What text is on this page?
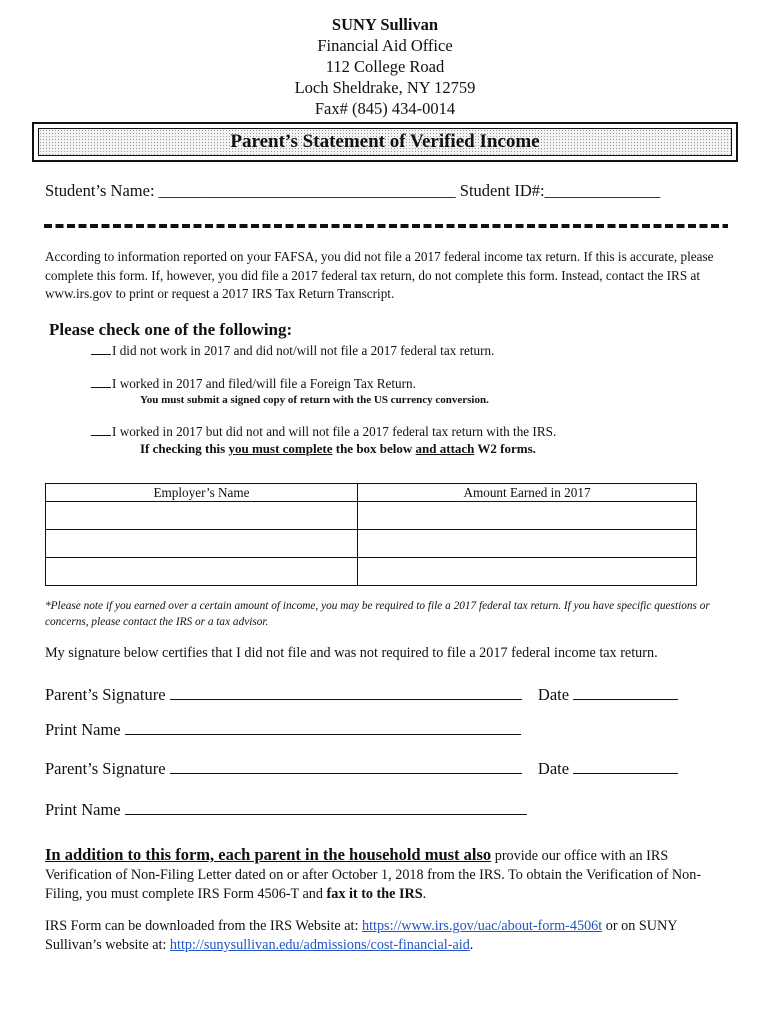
SUNY Sullivan
Financial Aid Office
112 College Road
Loch Sheldrake, NY 12759
Fax# (845) 434-0014
Parent’s Statement of Verified Income
Student’s Name: ____________________________________ Student ID#:______________
According to information reported on your FAFSA, you did not file a 2017 federal income tax return. If this is accurate, please complete this form. If, however, you did file a 2017 federal tax return, do not complete this form. Instead, contact the IRS at www.irs.gov to print or request a 2017 IRS Tax Return Transcript.
Please check one of the following:
I did not work in 2017 and did not/will not file a 2017 federal tax return.
I worked in 2017 and filed/will file a Foreign Tax Return.
You must submit a signed copy of return with the US currency conversion.
I worked in 2017 but did not and will not file a 2017 federal tax return with the IRS.
If checking this you must complete the box below and attach W2 forms.
Employer’s Name	Amount Earned in 2017

*Please note if you earned over a certain amount of income, you may be required to file a 2017 federal tax return. If you have specific questions or concerns, please contact the IRS or a tax advisor.
My signature below certifies that I did not file and was not required to file a 2017 federal income tax return.
Parent’s Signature	Date
Print Name
Parent’s Signature	Date
Print Name
In addition to this form, each parent in the household must also provide our office with an IRS Verification of Non-Filing Letter dated on or after October 1, 2018 from the IRS. To obtain the Verification of Non-Filing, you must complete IRS Form 4506-T and fax it to the IRS.
IRS Form can be downloaded from the IRS Website at: https://www.irs.gov/uac/about-form-4506t or on SUNY Sullivan’s website at: http://sunysullivan.edu/admissions/cost-financial-aid.
